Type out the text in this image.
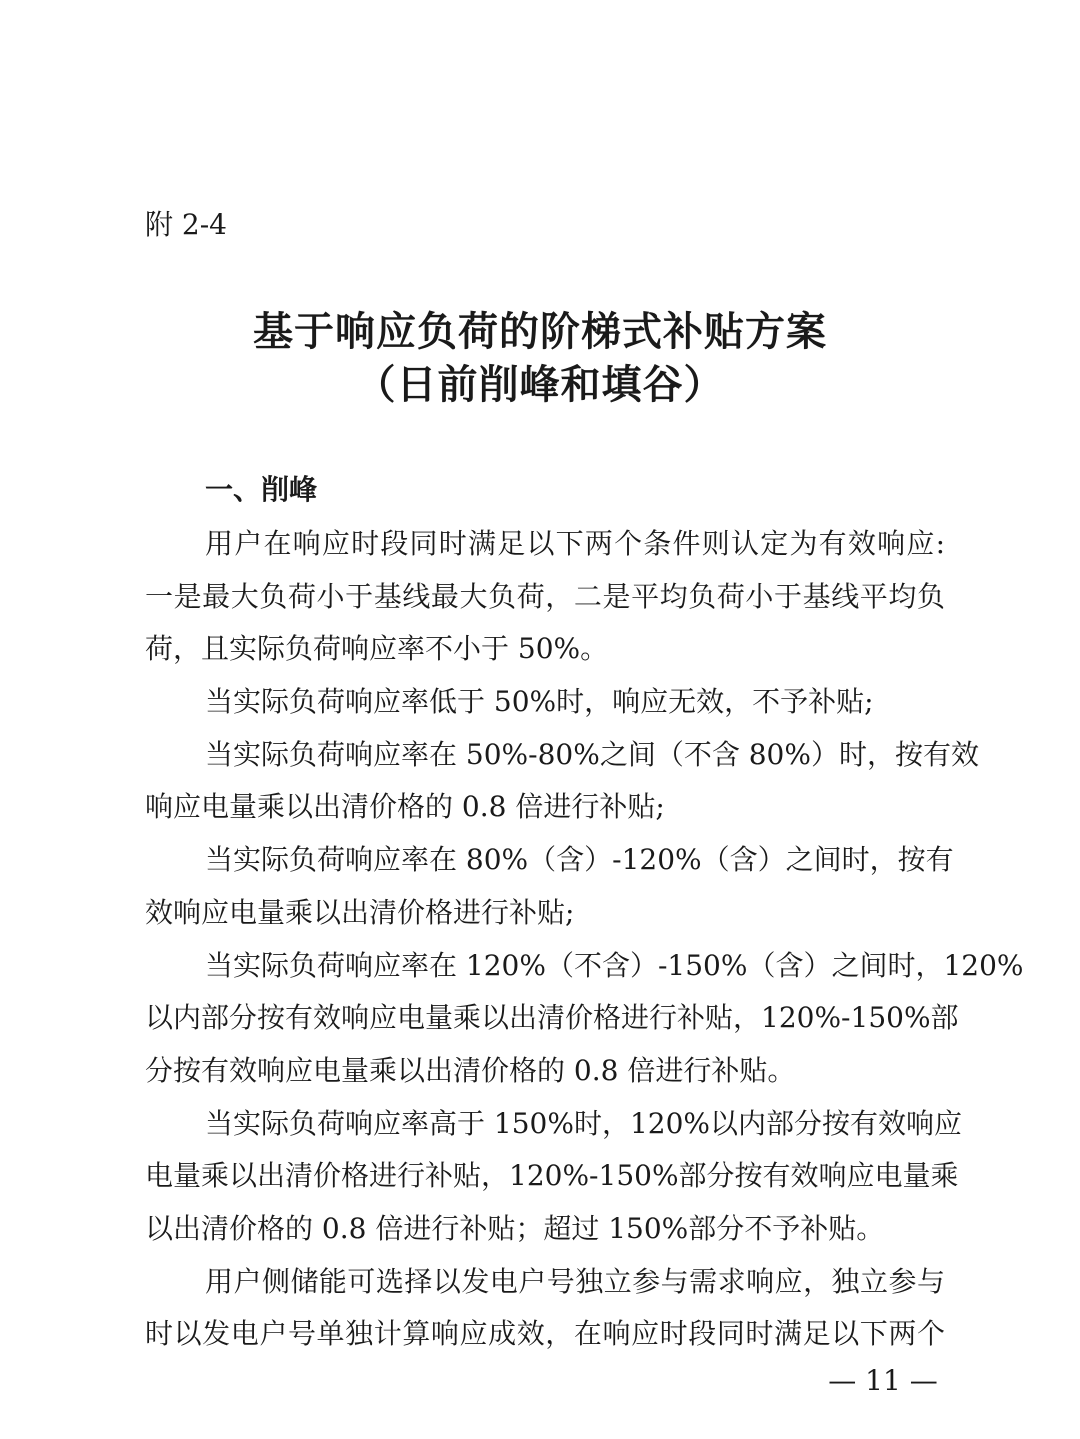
附 2-4
基于响应负荷的阶梯式补贴方案
（日前削峰和填谷）
一、削峰
用户在响应时段同时满足以下两个条件则认定为有效响应:
一是最大负荷小于基线最大负荷，二是平均负荷小于基线平均负
荷，且实际负荷响应率不小于 50%。
当实际负荷响应率低于 50%时，响应无效，不予补贴;
当实际负荷响应率在 50%-80%之间（不含 80%）时，按有效
响应电量乘以出清价格的 0.8 倍进行补贴;
当实际负荷响应率在 80%（含）-120%（含）之间时，按有
效响应电量乘以出清价格进行补贴;
当实际负荷响应率在 120%（不含）-150%（含）之间时，120%
以内部分按有效响应电量乘以出清价格进行补贴，120%-150%部
分按有效响应电量乘以出清价格的 0.8 倍进行补贴。
当实际负荷响应率高于 150%时，120%以内部分按有效响应
电量乘以出清价格进行补贴，120%-150%部分按有效响应电量乘
以出清价格的 0.8 倍进行补贴；超过 150%部分不予补贴。
用户侧储能可选择以发电户号独立参与需求响应，独立参与
时以发电户号单独计算响应成效，在响应时段同时满足以下两个
— 11 —
